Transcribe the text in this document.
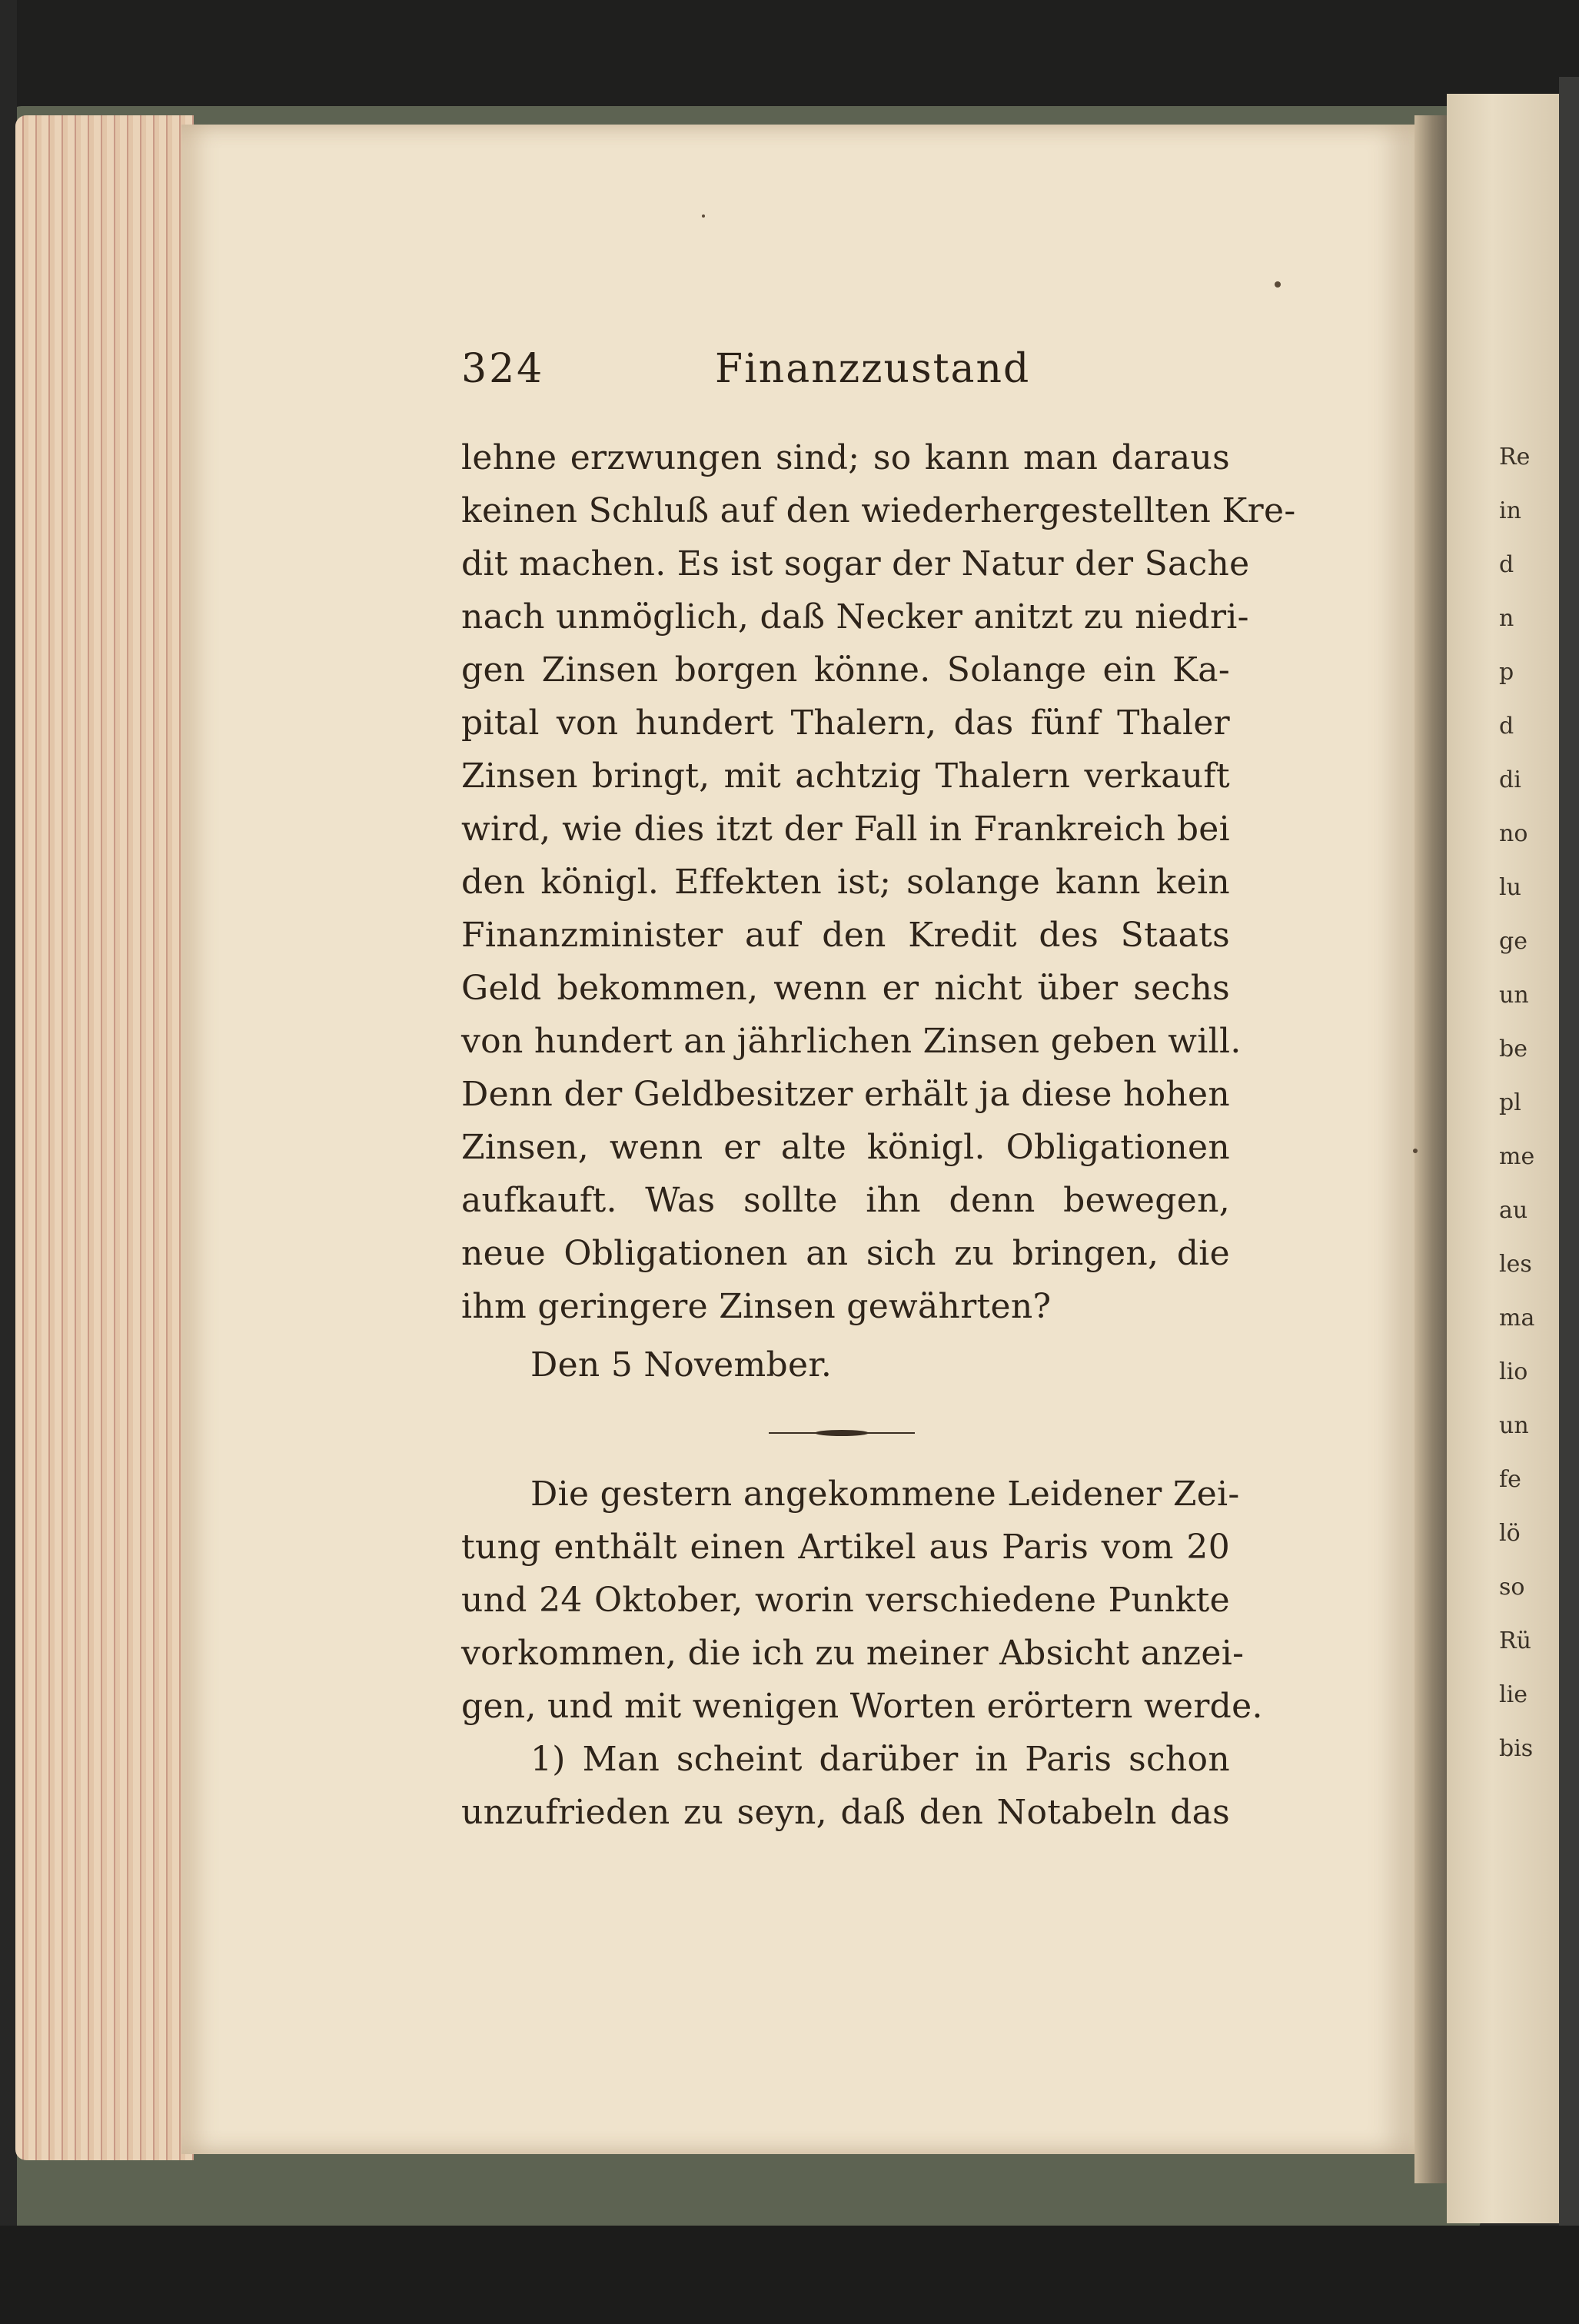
324	Finanzzustand
lehne erzwungen sind; so kann man daraus
keinen Schluß auf den wiederhergestellten Kre-
dit machen. Es ist sogar der Natur der Sache
nach unmöglich, daß Necker anitzt zu niedri-
gen Zinsen borgen könne. Solange ein Ka-
pital von hundert Thalern, das fünf Thaler
Zinsen bringt, mit achtzig Thalern verkauft
wird, wie dies itzt der Fall in Frankreich bei
den königl. Effekten ist; solange kann kein
Finanzminister auf den Kredit des Staats
Geld bekommen, wenn er nicht über sechs
von hundert an jährlichen Zinsen geben will.
Denn der Geldbesitzer erhält ja diese hohen
Zinsen, wenn er alte königl. Obligationen
aufkauft. Was sollte ihn denn bewegen,
neue Obligationen an sich zu bringen, die
ihm geringere Zinsen gewährten?
Den 5 November.
Die gestern angekommene Leidener Zei-
tung enthält einen Artikel aus Paris vom 20
und 24 Oktober, worin verschiedene Punkte
vorkommen, die ich zu meiner Absicht anzei-
gen, und mit wenigen Worten erörtern werde.
1) Man scheint darüber in Paris schon
unzufrieden zu seyn, daß den Notabeln das
Re
in
d
n
p
d
di
no
lu
ge
un
be
pl
me
au
les
ma
lio
un
fe
lö
so
Rü
lie
bis
